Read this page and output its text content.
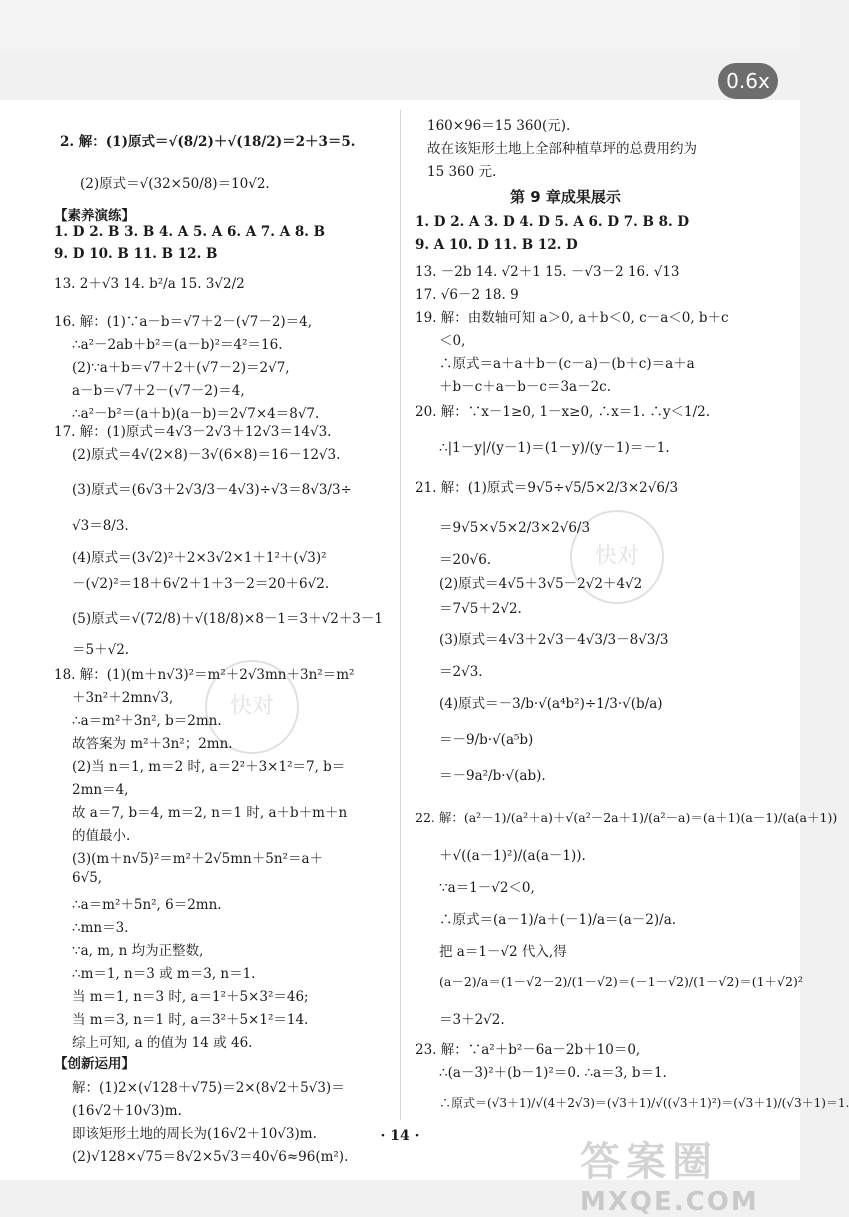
0.6x
2. 解：(1)原式＝√(8/2)＋√(18/2)＝2＋3＝5.
(2)原式＝√(32×50/8)＝10√2.
【素养演练】
1. D 2. B 3. B 4. A 5. A 6. A 7. A 8. B
9. D 10. B 11. B 12. B
13. 2＋√3 14. b²/a 15. 3√2/2
16. 解：(1)∵a－b＝√7＋2－(√7－2)＝4,
∴a²－2ab＋b²＝(a－b)²＝4²＝16.
(2)∵a＋b＝√7＋2＋(√7－2)＝2√7,
a－b＝√7＋2－(√7－2)＝4,
∴a²－b²＝(a＋b)(a－b)＝2√7×4＝8√7.
17. 解：(1)原式＝4√3－2√3＋12√3＝14√3.
(2)原式＝4√(2×8)－3√(6×8)＝16－12√3.
(3)原式＝(6√3＋2√3/3－4√3)÷√3＝8√3/3÷
√3＝8/3.
(4)原式＝(3√2)²＋2×3√2×1＋1²＋(√3)²
－(√2)²＝18＋6√2＋1＋3－2＝20＋6√2.
(5)原式＝√(72/8)＋√(18/8)×8－1＝3＋√2＋3－1
＝5＋√2.
18. 解：(1)(m＋n√3)²＝m²＋2√3mn＋3n²＝m²
＋3n²＋2mn√3,
∴a＝m²＋3n², b＝2mn.
故答案为 m²＋3n²；2mn.
(2)当 n＝1, m＝2 时, a＝2²＋3×1²＝7, b＝
2mn＝4,
故 a＝7, b＝4, m＝2, n＝1 时, a＋b＋m＋n
的值最小.
(3)(m＋n√5)²＝m²＋2√5mn＋5n²＝a＋
6√5,
∴a＝m²＋5n², 6＝2mn.
∴mn＝3.
∵a, m, n 均为正整数,
∴m＝1, n＝3 或 m＝3, n＝1.
当 m＝1, n＝3 时, a＝1²＋5×3²＝46;
当 m＝3, n＝1 时, a＝3²＋5×1²＝14.
综上可知, a 的值为 14 或 46.
【创新运用】
解：(1)2×(√128＋√75)＝2×(8√2＋5√3)＝
(16√2＋10√3)m.
即该矩形土地的周长为(16√2＋10√3)m.
(2)√128×√75＝8√2×5√3＝40√6≈96(m²).
160×96＝15 360(元).
故在该矩形土地上全部种植草坪的总费用约为
15 360 元.
第 9 章成果展示
1. D 2. A 3. D 4. D 5. A 6. D 7. B 8. D
9. A 10. D 11. B 12. D
13. －2b 14. √2＋1 15. －√3－2 16. √13
17. √6－2 18. 9
19. 解：由数轴可知 a＞0, a＋b＜0, c－a＜0, b＋c
＜0,
∴原式＝a＋a＋b－(c－a)－(b＋c)＝a＋a
＋b－c＋a－b－c＝3a－2c.
20. 解：∵x－1≥0, 1－x≥0, ∴x＝1. ∴y＜1/2.
∴|1－y|/(y－1)＝(1－y)/(y－1)＝－1.
21. 解：(1)原式＝9√5÷√5/5×2/3×2√6/3
＝9√5×√5×2/3×2√6/3
＝20√6.
(2)原式＝4√5＋3√5－2√2＋4√2
＝7√5＋2√2.
(3)原式＝4√3＋2√3－4√3/3－8√3/3
＝2√3.
(4)原式＝－3/b·√(a⁴b²)÷1/3·√(b/a)
＝－9/b·√(a⁵b)
＝－9a²/b·√(ab).
22. 解：(a²－1)/(a²＋a)＋√(a²－2a＋1)/(a²－a)＝(a＋1)(a－1)/(a(a＋1))
＋√((a－1)²)/(a(a－1)).
∵a＝1－√2＜0,
∴原式＝(a－1)/a＋(－1)/a＝(a－2)/a.
把 a＝1－√2 代入,得
(a－2)/a＝(1－√2－2)/(1－√2)＝(－1－√2)/(1－√2)＝(1＋√2)²
＝3＋2√2.
23. 解：∵a²＋b²－6a－2b＋10＝0,
∴(a－3)²＋(b－1)²＝0. ∴a＝3, b＝1.
∴原式＝(√3＋1)/√(4＋2√3)＝(√3＋1)/√((√3＋1)²)＝(√3＋1)/(√3＋1)＝1.
快对
快对
· 14 ·
答案圈
MXQE.COM
